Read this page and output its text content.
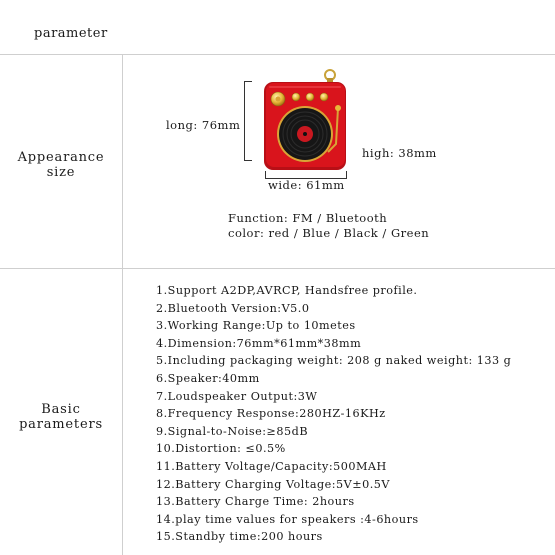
parameter
Appearance
size
long: 76mm
high: 38mm
wide: 61mm
Function: FM / Bluetooth
color: red / Blue / Black / Green
Basic
parameters
1.Support A2DP,AVRCP, Handsfree profile.
2.Bluetooth Version:V5.0
3.Working Range:Up to 10metes
4.Dimension:76mm*61mm*38mm
5.Including packaging weight: 208 g naked weight: 133 g
6.Speaker:40mm
7.Loudspeaker Output:3W
8.Frequency Response:280HZ-16KHz
9.Signal-to-Noise:≥85dB
10.Distortion: ≤0.5%
11.Battery Voltage/Capacity:500MAH
12.Battery Charging Voltage:5V±0.5V
13.Battery Charge Time: 2hours
14.play time values for speakers :4-6hours
15.Standby time:200 hours
